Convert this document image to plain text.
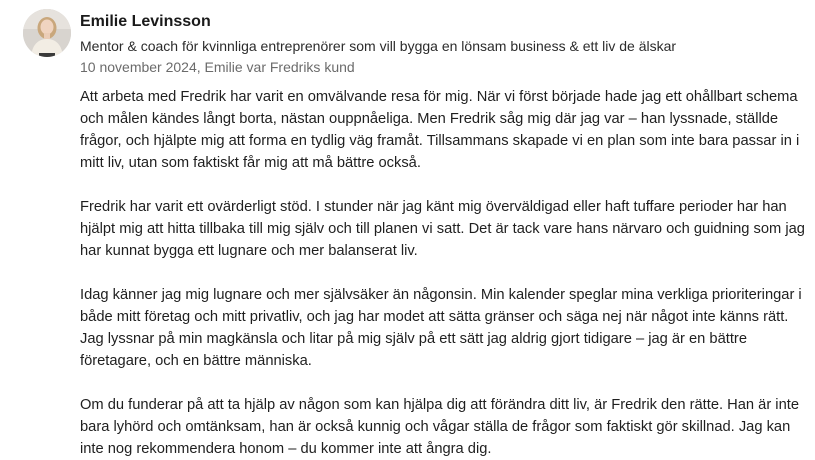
Emilie Levinsson
Mentor & coach för kvinnliga entreprenörer som vill bygga en lönsam business & ett liv de älskar
10 november 2024, Emilie var Fredriks kund

Att arbeta med Fredrik har varit en omvälvande resa för mig. När vi först började hade jag ett ohållbart schema och målen kändes långt borta, nästan ouppnåeliga. Men Fredrik såg mig där jag var – han lyssnade, ställde frågor, och hjälpte mig att forma en tydlig väg framåt. Tillsammans skapade vi en plan som inte bara passar in i mitt liv, utan som faktiskt får mig att må bättre också.

Fredrik har varit ett ovärderligt stöd. I stunder när jag känt mig överväldigad eller haft tuffare perioder har han hjälpt mig att hitta tillbaka till mig själv och till planen vi satt. Det är tack vare hans närvaro och guidning som jag har kunnat bygga ett lugnare och mer balanserat liv.

Idag känner jag mig lugnare och mer självsäker än någonsin. Min kalender speglar mina verkliga prioriteringar i både mitt företag och mitt privatliv, och jag har modet att sätta gränser och säga nej när något inte känns rätt. Jag lyssnar på min magkänsla och litar på mig själv på ett sätt jag aldrig gjort tidigare – jag är en bättre företagare, och en bättre människa.

Om du funderar på att ta hjälp av någon som kan hjälpa dig att förändra ditt liv, är Fredrik den rätte. Han är inte bara lyhörd och omtänksam, han är också kunnig och vågar ställa de frågor som faktiskt gör skillnad. Jag kan inte nog rekommendera honom – du kommer inte att ångra dig.
